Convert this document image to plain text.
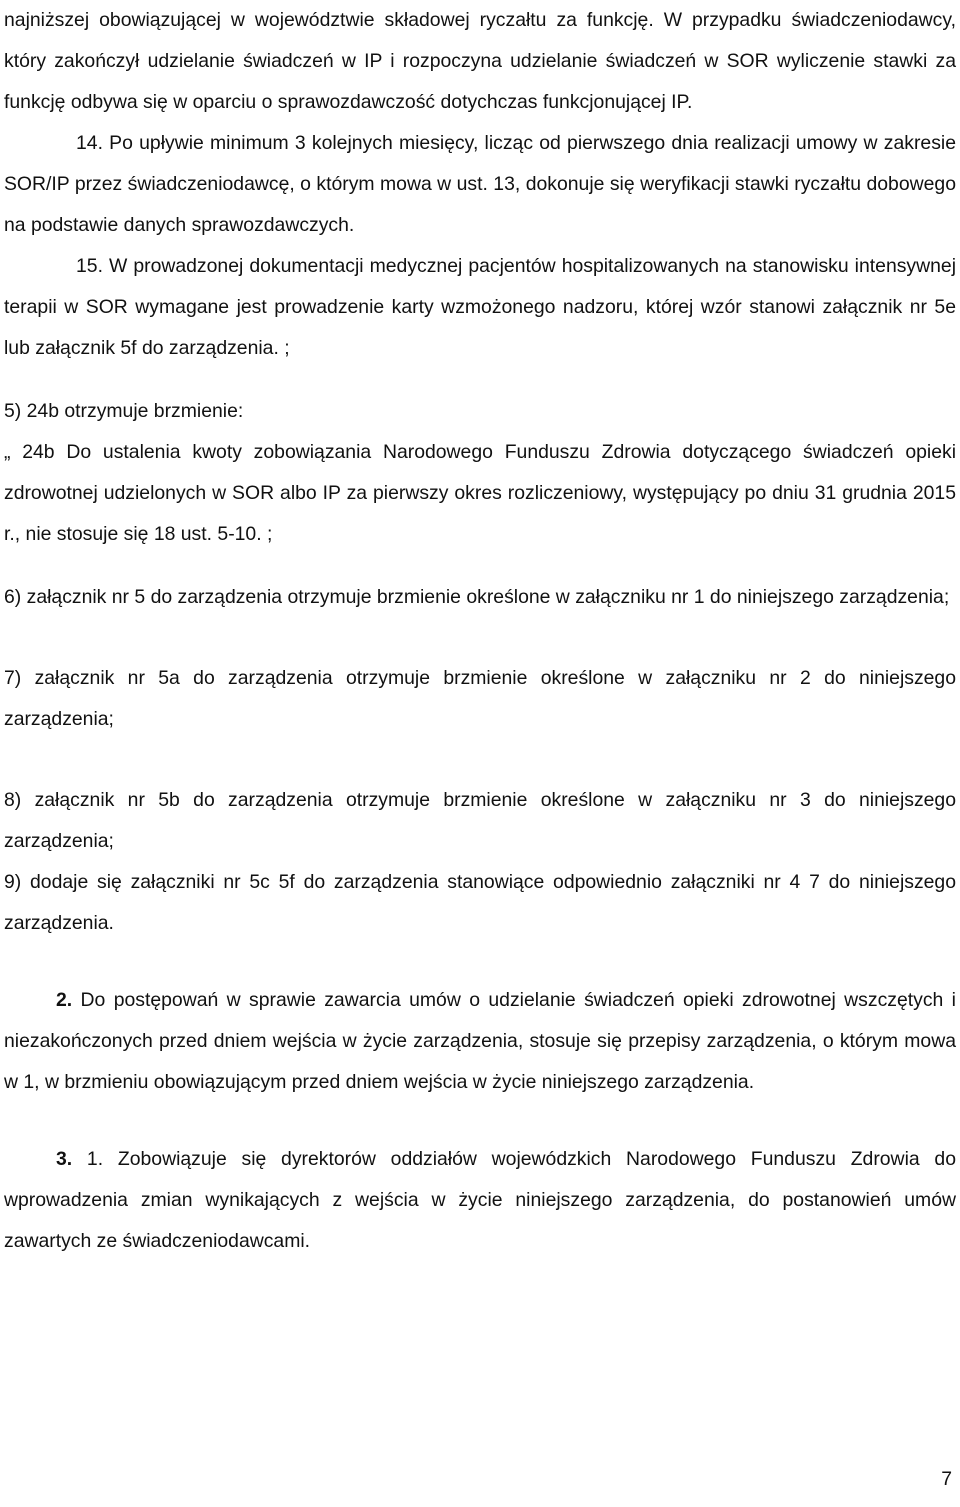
najniższej obowiązującej w województwie składowej ryczałtu za funkcję. W przypadku świadczeniodawcy, który zakończył udzielanie świadczeń w IP i rozpoczyna udzielanie świadczeń w SOR wyliczenie stawki za funkcję odbywa się w oparciu o sprawozdawczość dotychczas funkcjonującej IP.

14. Po upływie minimum 3 kolejnych miesięcy, licząc od pierwszego dnia realizacji umowy w zakresie SOR/IP przez świadczeniodawcę, o którym mowa w ust. 13, dokonuje się weryfikacji stawki ryczałtu dobowego na podstawie danych sprawozdawczych.

15. W prowadzonej dokumentacji medycznej pacjentów hospitalizowanych na stanowisku intensywnej terapii w SOR wymagane jest prowadzenie karty wzmożonego nadzoru, której wzór stanowi załącznik nr 5e lub załącznik 5f do zarządzenia. ;

5) 24b otrzymuje brzmienie:

„ 24b Do ustalenia kwoty zobowiązania Narodowego Funduszu Zdrowia dotyczącego świadczeń opieki zdrowotnej udzielonych w SOR albo IP za pierwszy okres rozliczeniowy, występujący po dniu 31 grudnia 2015 r., nie stosuje się 18 ust. 5-10. ;

6) załącznik nr 5 do zarządzenia otrzymuje brzmienie określone w załączniku nr 1 do niniejszego zarządzenia;

7) załącznik nr 5a do zarządzenia otrzymuje brzmienie określone w załączniku nr 2 do niniejszego zarządzenia;

8) załącznik nr 5b do zarządzenia otrzymuje brzmienie określone w załączniku nr 3 do niniejszego zarządzenia;

9) dodaje się załączniki nr 5c 5f do zarządzenia stanowiące odpowiednio załączniki nr 4 7 do niniejszego zarządzenia.

2. Do postępowań w sprawie zawarcia umów o udzielanie świadczeń opieki zdrowotnej wszczętych i niezakończonych przed dniem wejścia w życie zarządzenia, stosuje się przepisy zarządzenia, o którym mowa w 1, w brzmieniu obowiązującym przed dniem wejścia w życie niniejszego zarządzenia.

3. 1. Zobowiązuje się dyrektorów oddziałów wojewódzkich Narodowego Funduszu Zdrowia do wprowadzenia zmian wynikających z wejścia w życie niniejszego zarządzenia, do postanowień umów zawartych ze świadczeniodawcami.

7
